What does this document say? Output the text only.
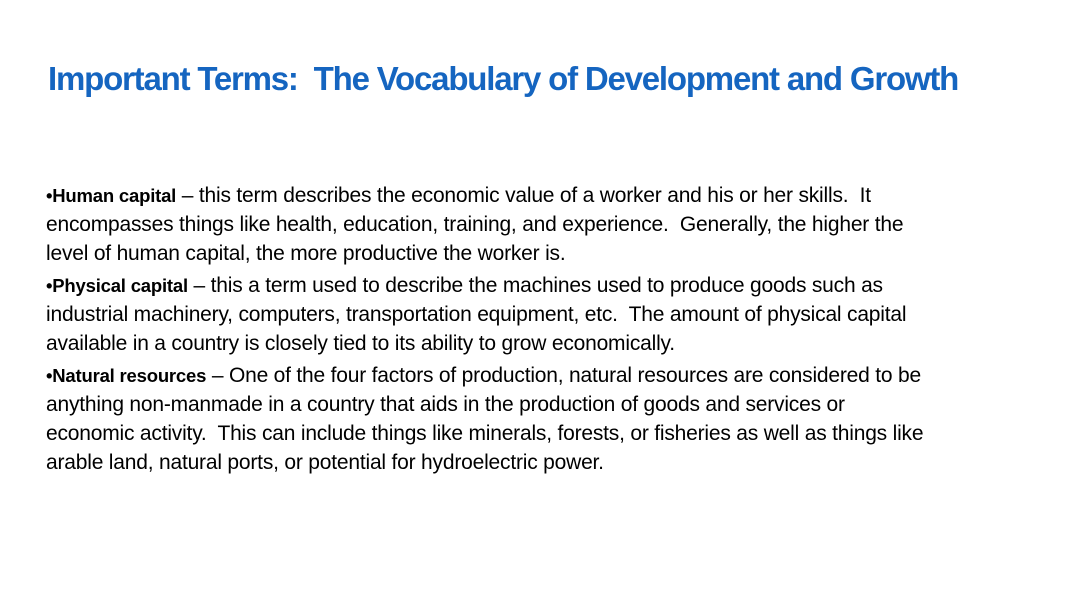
Important Terms:  The Vocabulary of Development and Growth
•Human capital – this term describes the economic value of a worker and his or her skills.  It
encompasses things like health, education, training, and experience.  Generally, the higher the
level of human capital, the more productive the worker is.
•Physical capital – this a term used to describe the machines used to produce goods such as
industrial machinery, computers, transportation equipment, etc.  The amount of physical capital
available in a country is closely tied to its ability to grow economically.
•Natural resources – One of the four factors of production, natural resources are considered to be
anything non-manmade in a country that aids in the production of goods and services or
economic activity.  This can include things like minerals, forests, or fisheries as well as things like
arable land, natural ports, or potential for hydroelectric power.
